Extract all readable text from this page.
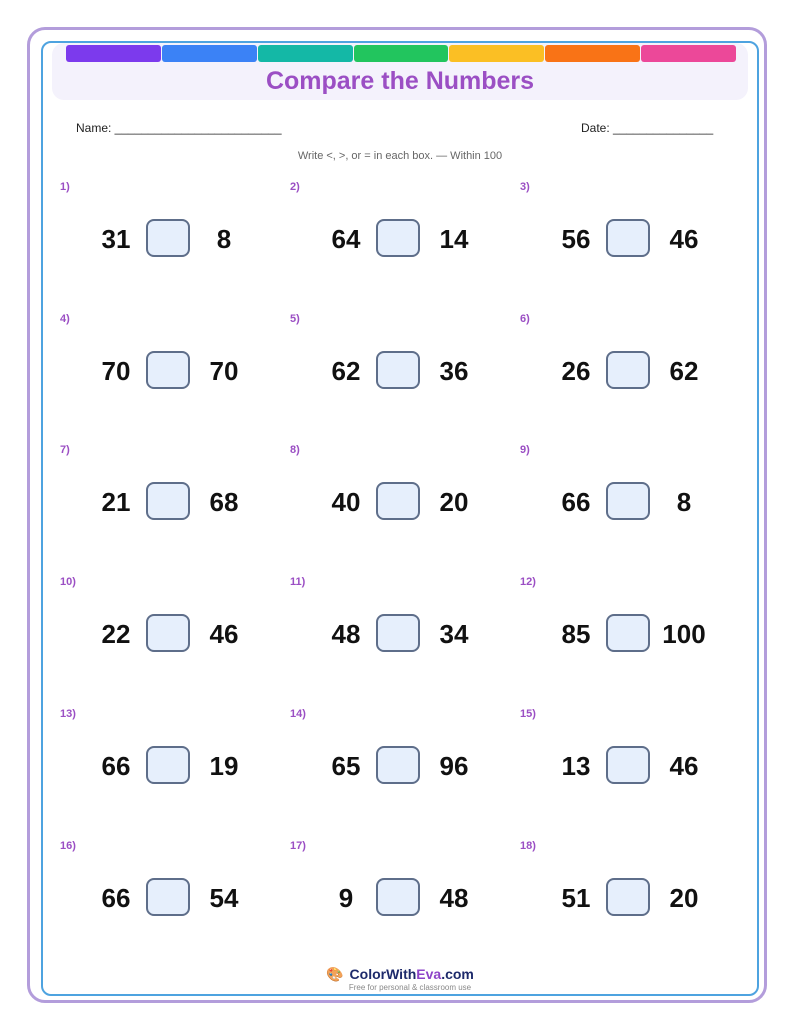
Compare the Numbers
Name: _________________________	Date: _______________
Write <, >, or = in each box. — Within 100
1)
31	8
2)
64	14
3)
56	46
4)
70	70
5)
62	36
6)
26	62
7)
21	68
8)
40	20
9)
66	8
10)
22	46
11)
48	34
12)
85	100
13)
66	19
14)
65	96
15)
13	46
16)
66	54
17)
9	48
18)
51	20
🎨 ColorWithEva.com
Free for personal & classroom use
